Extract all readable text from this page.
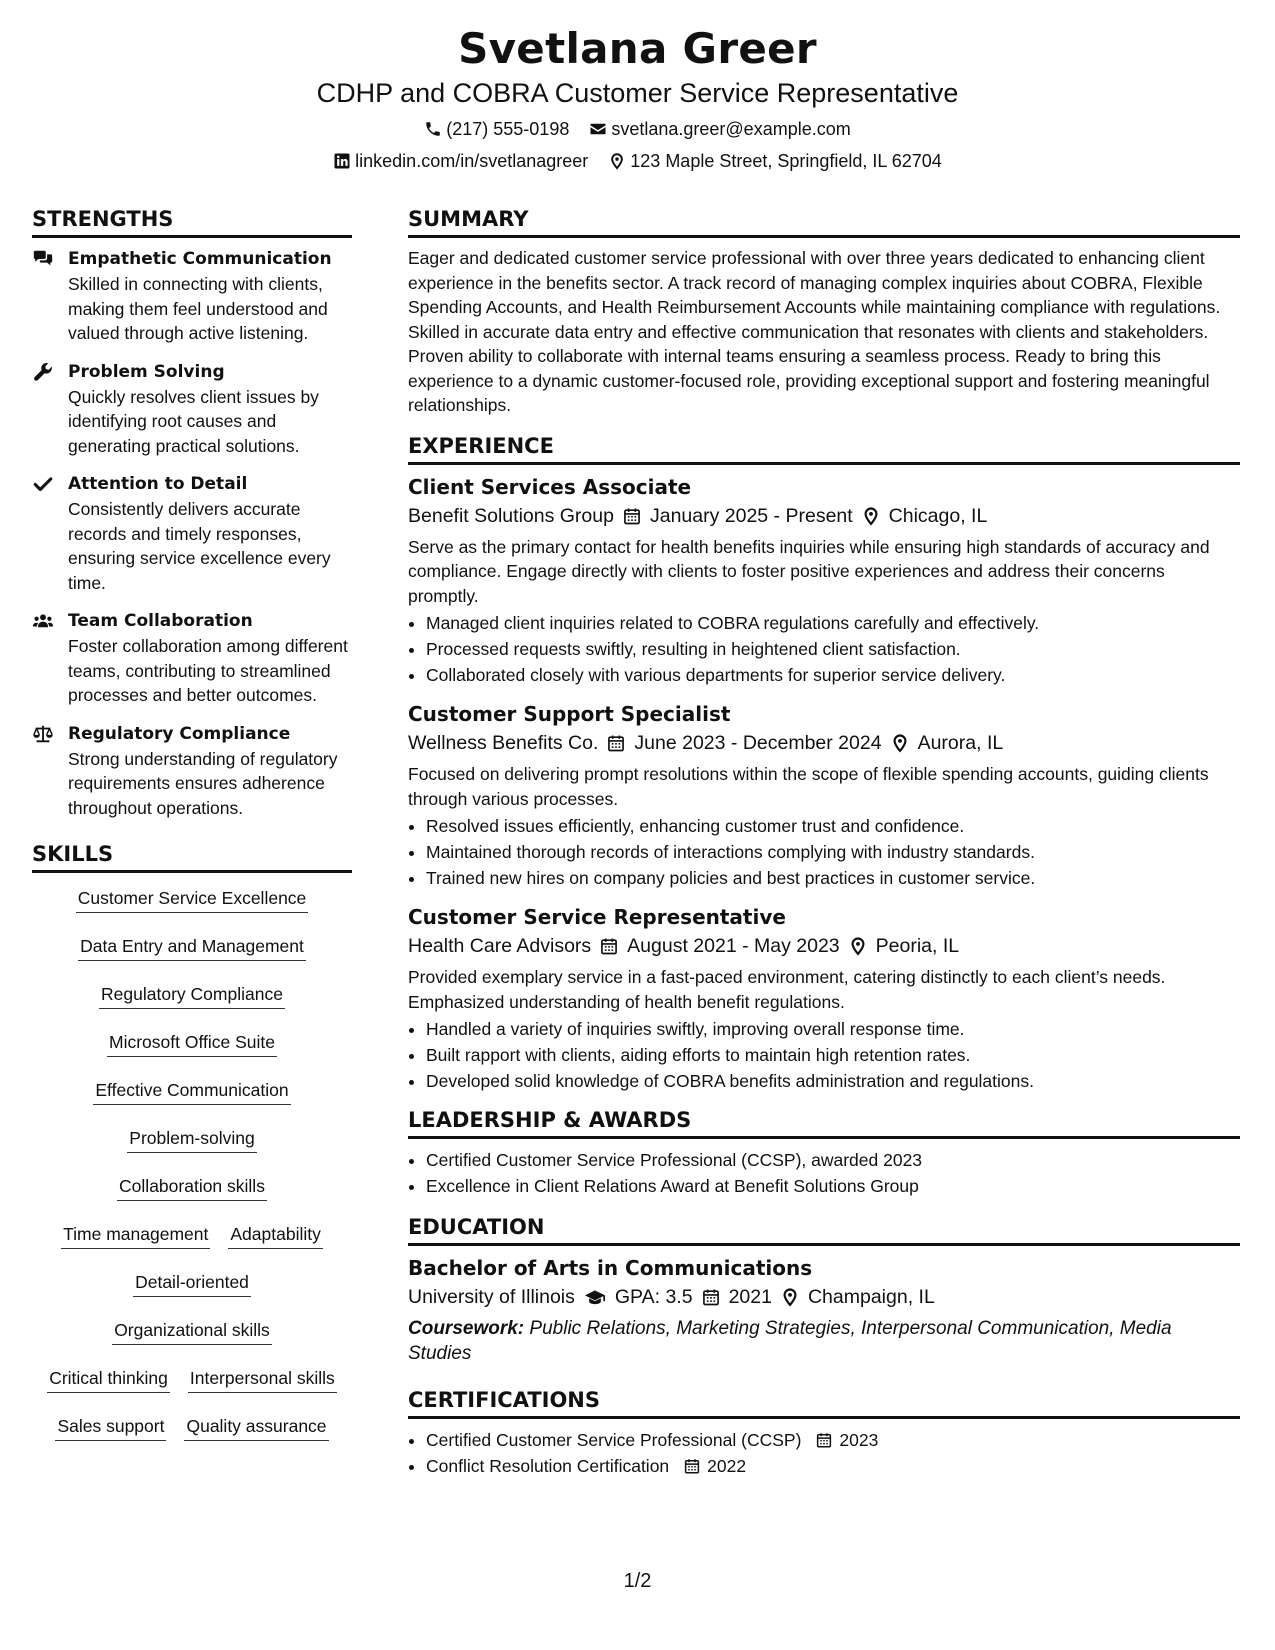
Svetlana Greer
CDHP and COBRA Customer Service Representative
(217) 555-0198 svetlana.greer@example.com
linkedin.com/in/svetlanagreer 123 Maple Street, Springfield, IL 62704
STRENGTHS
Empathetic Communication
Skilled in connecting with clients, making them feel understood and valued through active listening.
Problem Solving
Quickly resolves client issues by identifying root causes and generating practical solutions.
Attention to Detail
Consistently delivers accurate records and timely responses, ensuring service excellence every time.
Team Collaboration
Foster collaboration among different teams, contributing to streamlined processes and better outcomes.
Regulatory Compliance
Strong understanding of regulatory requirements ensures adherence throughout operations.
SKILLS
Customer Service Excellence
Data Entry and Management
Regulatory Compliance
Microsoft Office Suite
Effective Communication
Problem-solving
Collaboration skills
Time management Adaptability
Detail-oriented
Organizational skills
Critical thinking Interpersonal skills
Sales support Quality assurance
SUMMARY
Eager and dedicated customer service professional with over three years dedicated to enhancing client experience in the benefits sector. A track record of managing complex inquiries about COBRA, Flexible Spending Accounts, and Health Reimbursement Accounts while maintaining compliance with regulations. Skilled in accurate data entry and effective communication that resonates with clients and stakeholders. Proven ability to collaborate with internal teams ensuring a seamless process. Ready to bring this experience to a dynamic customer-focused role, providing exceptional support and fostering meaningful relationships.
EXPERIENCE
Client Services Associate
Benefit Solutions Group January 2025 - Present Chicago, IL
Serve as the primary contact for health benefits inquiries while ensuring high standards of accuracy and compliance. Engage directly with clients to foster positive experiences and address their concerns promptly.
• Managed client inquiries related to COBRA regulations carefully and effectively.
• Processed requests swiftly, resulting in heightened client satisfaction.
• Collaborated closely with various departments for superior service delivery.
Customer Support Specialist
Wellness Benefits Co. June 2023 - December 2024 Aurora, IL
Focused on delivering prompt resolutions within the scope of flexible spending accounts, guiding clients through various processes.
• Resolved issues efficiently, enhancing customer trust and confidence.
• Maintained thorough records of interactions complying with industry standards.
• Trained new hires on company policies and best practices in customer service.
Customer Service Representative
Health Care Advisors August 2021 - May 2023 Peoria, IL
Provided exemplary service in a fast-paced environment, catering distinctly to each client’s needs. Emphasized understanding of health benefit regulations.
• Handled a variety of inquiries swiftly, improving overall response time.
• Built rapport with clients, aiding efforts to maintain high retention rates.
• Developed solid knowledge of COBRA benefits administration and regulations.
LEADERSHIP & AWARDS
• Certified Customer Service Professional (CCSP), awarded 2023
• Excellence in Client Relations Award at Benefit Solutions Group
EDUCATION
Bachelor of Arts in Communications
University of Illinois GPA: 3.5 2021 Champaign, IL
Coursework: Public Relations, Marketing Strategies, Interpersonal Communication, Media Studies
CERTIFICATIONS
• Certified Customer Service Professional (CCSP) 2023
• Conflict Resolution Certification 2022
1/2
